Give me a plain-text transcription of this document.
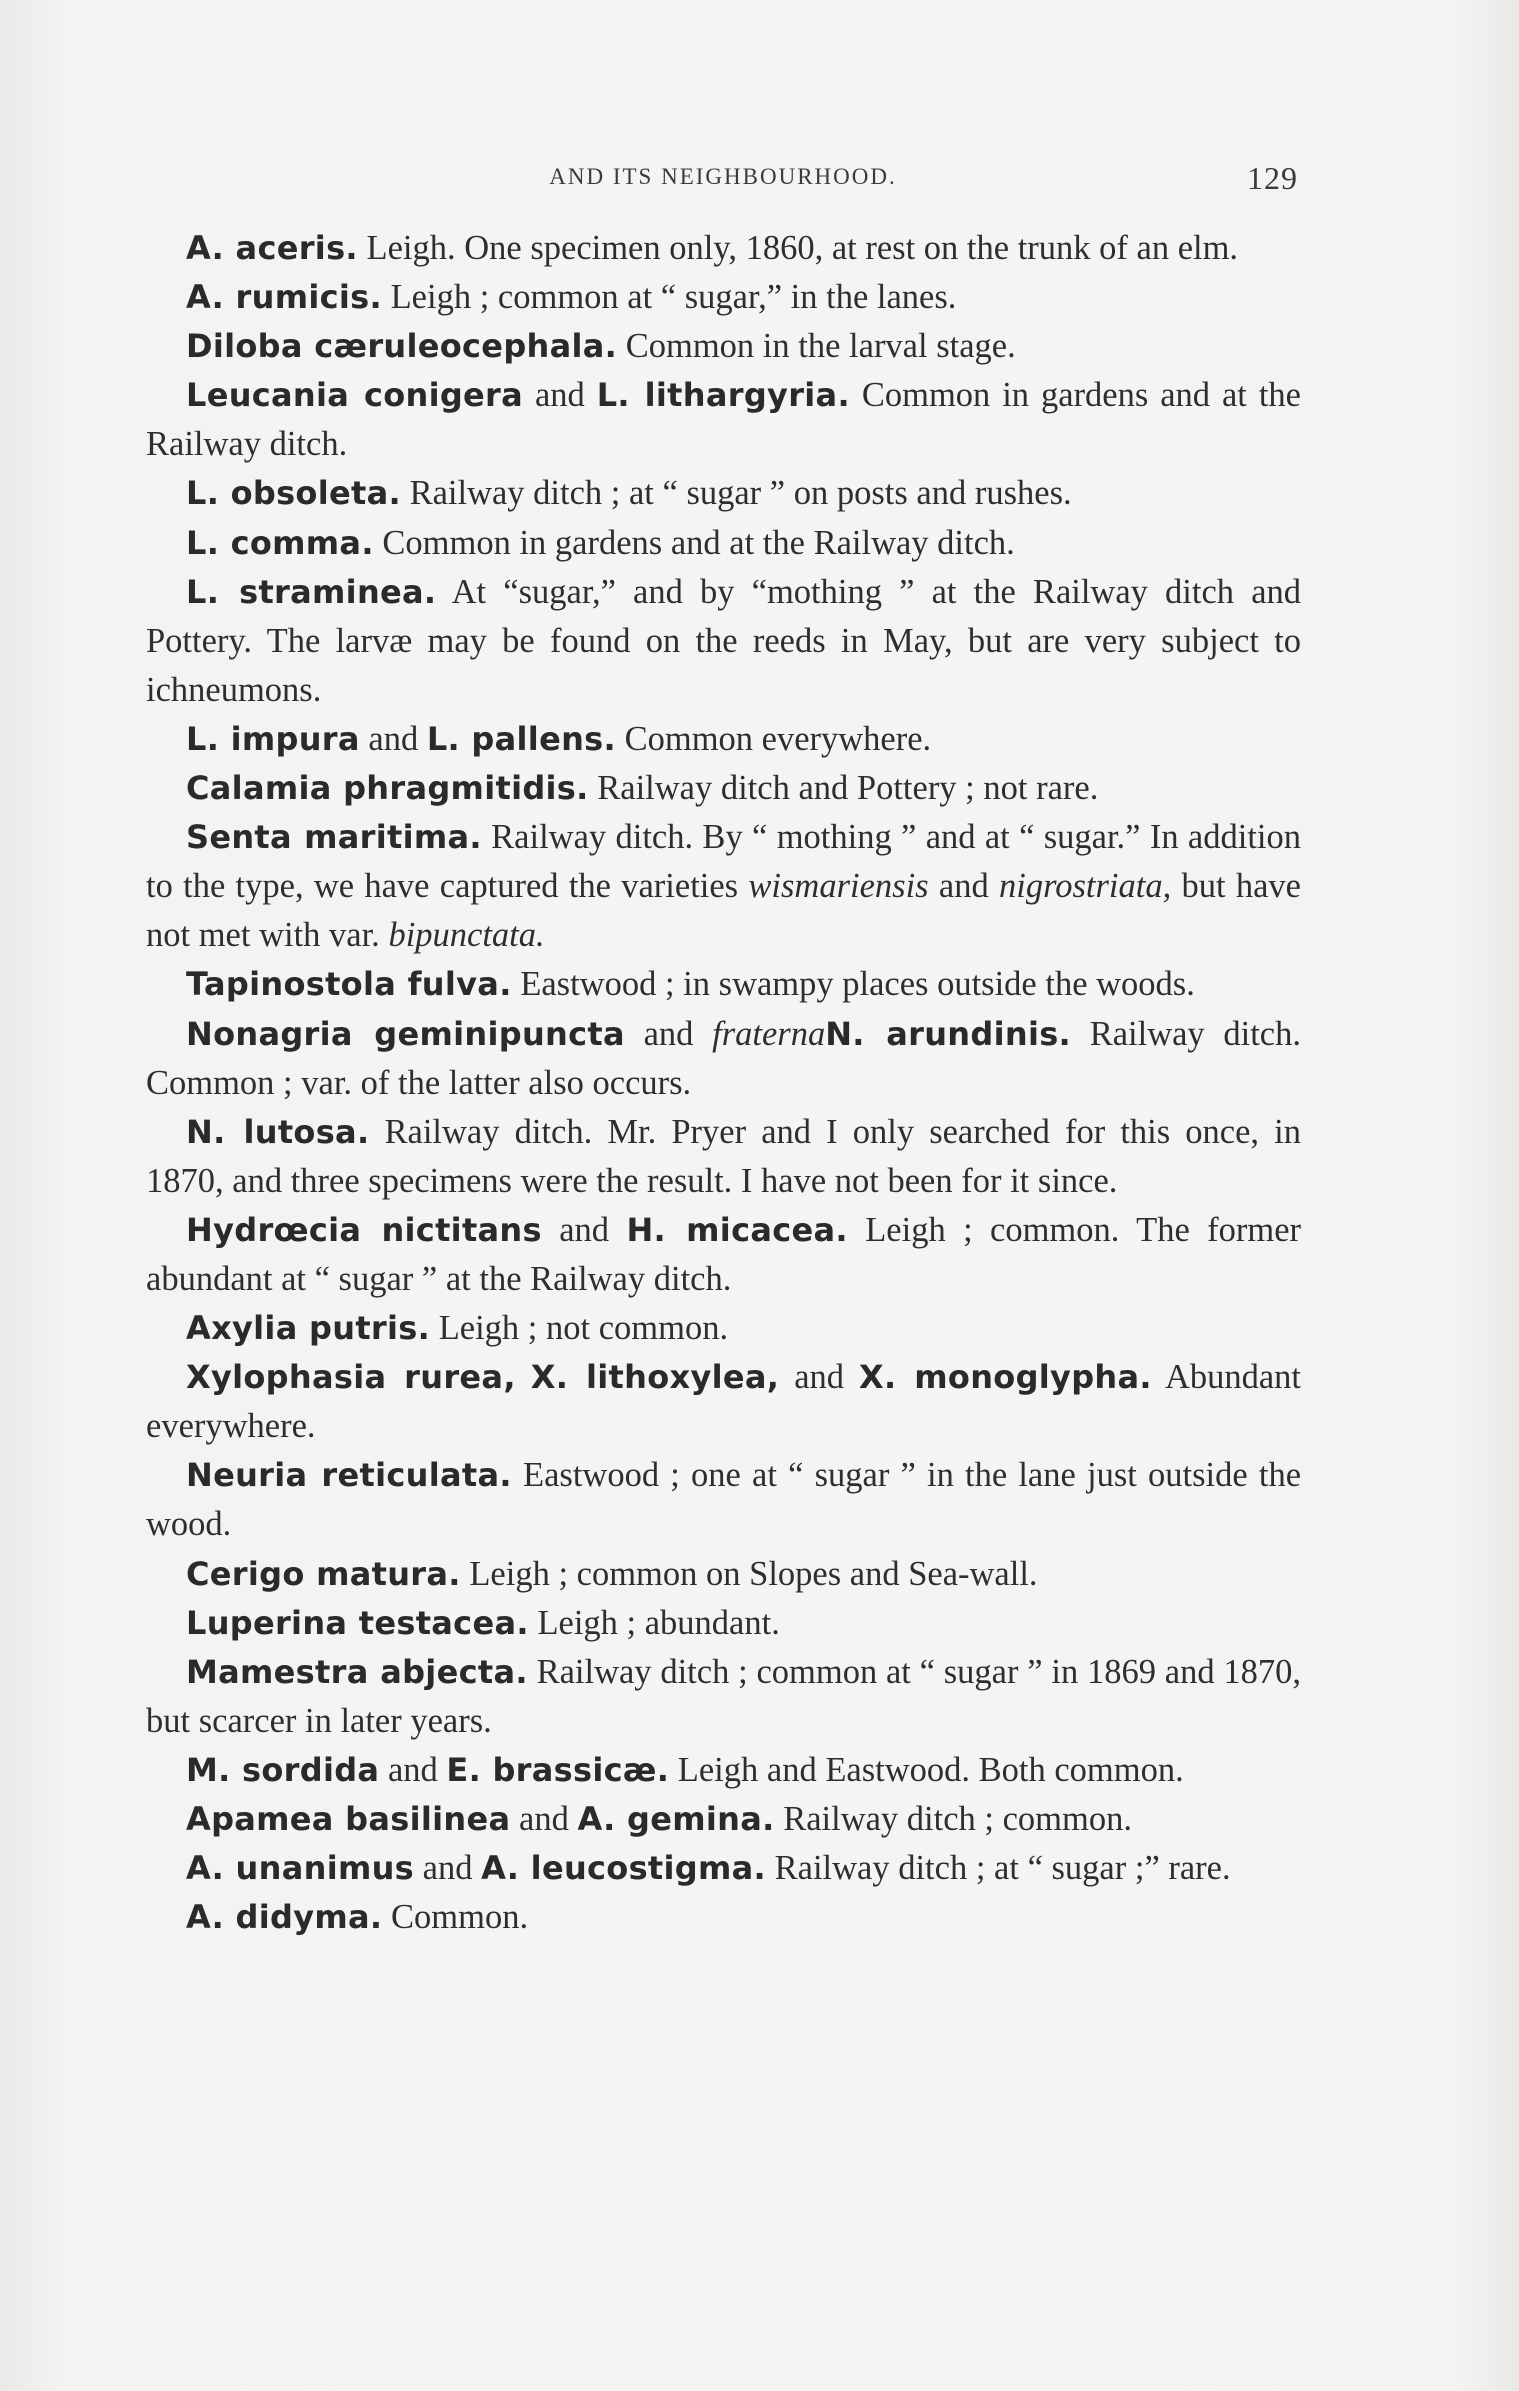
AND ITS NEIGHBOURHOOD.	129

A. aceris. Leigh. One specimen only, 1860, at rest on the trunk of an elm.

A. rumicis. Leigh ; common at “ sugar,” in the lanes.

Diloba cæruleocephala. Common in the larval stage.

Leucania conigera and L. lithargyria. Common in gardens and at the Railway ditch.

L. obsoleta. Railway ditch ; at “ sugar ” on posts and rushes.

L. comma. Common in gardens and at the Railway ditch.

L. straminea. At “sugar,” and by “mothing ” at the Railway ditch and Pottery. The larvæ may be found on the reeds in May, but are very subject to ichneumons.

L. impura and L. pallens. Common everywhere.

Calamia phragmitidis. Railway ditch and Pottery ; not rare.

Senta maritima. Railway ditch. By “ mothing ” and at “ sugar.” In addition to the type, we have captured the varieties wismariensis and nigrostriata, but have not met with var. bipunctata.

Tapinostola fulva. Eastwood ; in swampy places outside the woods.

Nonagria geminipuncta and fraternaN. arundinis. Railway ditch. Common ; var. of the latter also occurs.

N. lutosa. Railway ditch. Mr. Pryer and I only searched for this once, in 1870, and three specimens were the result. I have not been for it since.

Hydrœcia nictitans and H. micacea. Leigh ; common. The former abundant at “ sugar ” at the Railway ditch.

Axylia putris. Leigh ; not common.

Xylophasia rurea, X. lithoxylea, and X. monoglypha. Abundant everywhere.

Neuria reticulata. Eastwood ; one at “ sugar ” in the lane just outside the wood.

Cerigo matura. Leigh ; common on Slopes and Sea-wall.

Luperina testacea. Leigh ; abundant.

Mamestra abjecta. Railway ditch ; common at “ sugar ” in 1869 and 1870, but scarcer in later years.

M. sordida and E. brassicæ. Leigh and Eastwood. Both common.

Apamea basilinea and A. gemina. Railway ditch ; common.

A. unanimus and A. leucostigma. Railway ditch ; at “ sugar ;” rare.

A. didyma. Common.
